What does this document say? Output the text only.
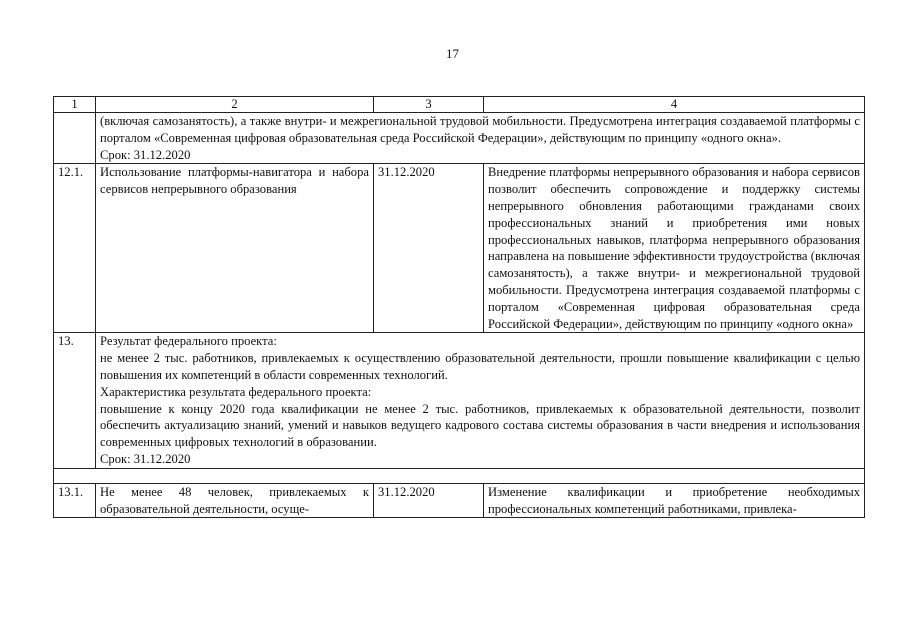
17
1	2	3	4

	(включая самозанятость), а также внутри- и межрегиональной трудовой мобильности. Предусмотрена интеграция создаваемой платформы с порталом «Современная цифровая образовательная среда Российской Федерации», действующим по принципу «одного окна».
Срок: 31.12.2020		

12.1.	Использование платформы-навигатора и набора сервисов непрерывного образования	31.12.2020	Внедрение платформы непрерывного образования и набора сервисов позволит обеспечить сопровождение и поддержку системы непрерывного обновления работающими гражданами своих профессиональных знаний и приобретения ими новых профессиональных навыков, платформа непрерывного образования направлена на повышение эффективности трудоустройства (включая самозанятость), а также внутри- и межрегиональной трудовой мобильности. Предусмотрена интеграция создаваемой платформы с порталом «Современная цифровая образовательная среда Российской Федерации», действующим по принципу «одного окна»
13.	Результат федерального проекта:
не менее 2 тыс. работников, привлекаемых к осуществлению образовательной деятельности, прошли повышение квалификации с целью повышения их компетенций в области современных технологий.
Характеристика результата федерального проекта:
повышение к концу 2020 года квалификации не менее 2 тыс. работников, привлекаемых к образовательной деятельности, позволит обеспечить актуализацию знаний, умений и навыков ведущего кадрового состава системы образования в части внедрения и использования современных цифровых технологий в образовании.
Срок: 31.12.2020		

13.1.	Не менее 48 человек, привлекаемых к образовательной деятельности, осуще-	31.12.2020	Изменение квалификации и приобретение необходимых профессиональных компетенций работниками, привлека-
